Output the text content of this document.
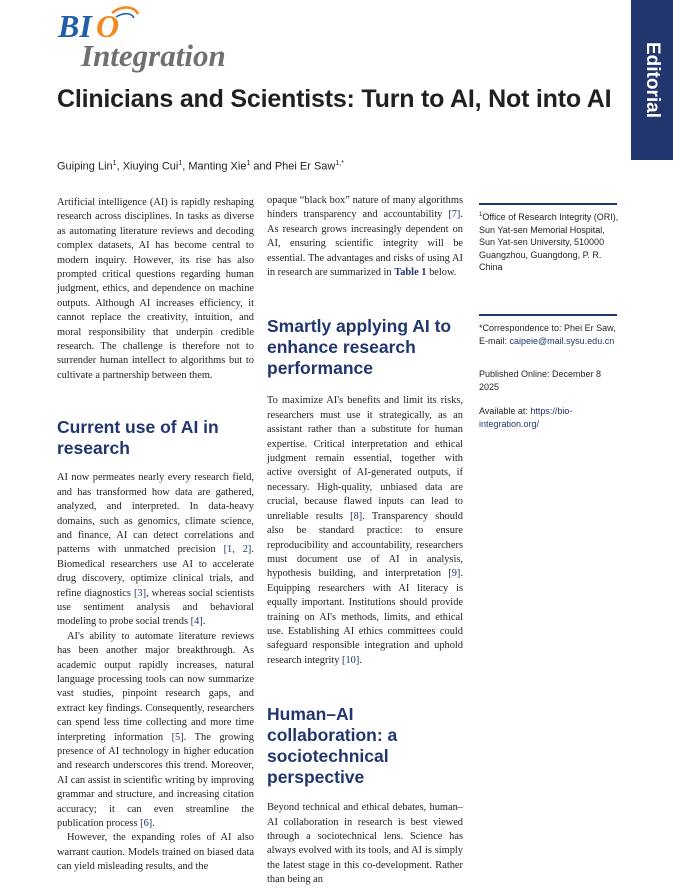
BI O
Integration	Editorial
Clinicians and Scientists: Turn to AI, Not into AI
Guiping Lin$^1$, Xiuying Cui$^1$, Manting Xie$^1$ and Phei Er Saw$^{1,*}$

Artificial intelligence (AI) is rapidly reshaping research across disciplines. In tasks as diverse as automating literature reviews and decoding complex datasets, AI has become central to modern inquiry. However, its rise has also prompted critical questions regarding human judgment, ethics, and dependence on machine outputs. Although AI increases efficiency, it cannot replace the creativity, intuition, and moral responsibility that underpin credible research. The challenge is therefore not to surrender human intellect to algorithms but to cultivate a partnership between them.

Current use of AI in research

AI now permeates nearly every research field, and has transformed how data are gathered, analyzed, and interpreted. In data-heavy domains, such as genomics, climate science, and finance, AI can detect correlations and patterns with unmatched precision [1, 2]. Biomedical researchers use AI to accelerate drug discovery, optimize clinical trials, and refine diagnostics [3], whereas social scientists use sentiment analysis and behavioral modeling to probe social trends [4].

AI's ability to automate literature reviews has been another major breakthrough. As academic output rapidly increases, natural language processing tools can now summarize vast studies, pinpoint research gaps, and extract key findings. Consequently, researchers can spend less time collecting and more time interpreting information [5]. The growing presence of AI technology in higher education and research underscores this trend. Moreover, AI can assist in scientific writing by improving grammar and structure, and increasing citation accuracy; it can even streamline the publication process [6].

However, the expanding roles of AI also warrant caution. Models trained on biased data can yield misleading results, and the

opaque “black box” nature of many algorithms hinders transparency and accountability [7]. As research grows increasingly dependent on AI, ensuring scientific integrity will be essential. The advantages and risks of using AI in research are summarized in Table 1 below.

Smartly applying AI to enhance research performance

To maximize AI's benefits and limit its risks, researchers must use it strategically, as an assistant rather than a substitute for human expertise. Critical interpretation and ethical judgment remain essential, together with active oversight of AI-generated outputs, if necessary. High-quality, unbiased data are crucial, because flawed inputs can lead to unreliable results [8]. Transparency should also be standard practice: to ensure reproducibility and accountability, researchers must document use of AI in analysis, hypothesis building, and interpretation [9]. Equipping researchers with AI literacy is equally important. Institutions should provide training on AI's methods, limits, and ethical use. Establishing AI ethics committees could safeguard responsible integration and uphold research integrity [10].

Human–AI collaboration: a sociotechnical perspective

Beyond technical and ethical debates, human–AI collaboration in research is best viewed through a sociotechnical lens. Science has always evolved with its tools, and AI is simply the latest stage in this co-development. Rather than being an

$^1$Office of Research Integrity (ORI), Sun Yat-sen Memorial Hospital, Sun Yat-sen University, 510000 Guangzhou, Guangdong, P. R. China
*Correspondence to: Phei Er Saw, E-mail: caipeie@mail.sysu.edu.cn
Published Online: December 8 2025
Available at: https://bio-integration.org/
